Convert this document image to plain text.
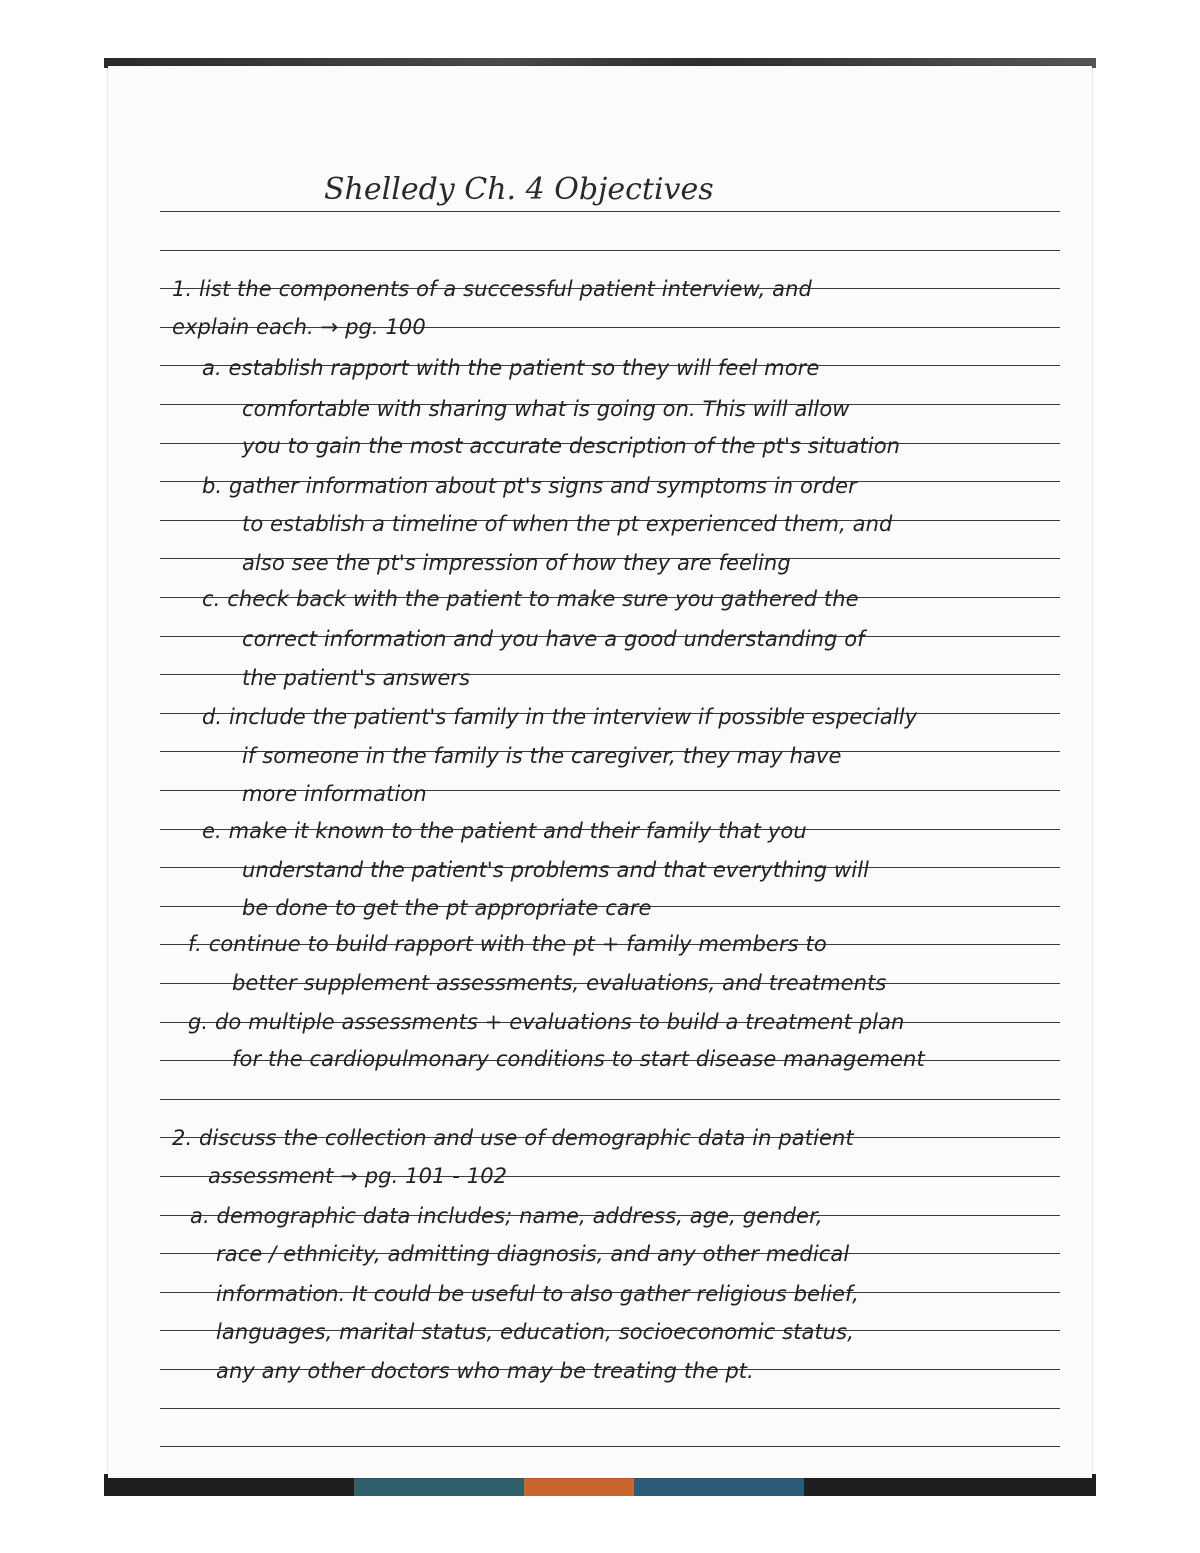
Shelledy Ch. 4 Objectives
1. list the components of a successful patient interview, and
explain each. → pg. 100
a. establish rapport with the patient so they will feel more
comfortable with sharing what is going on. This will allow
you to gain the most accurate description of the pt's situation
b. gather information about pt's signs and symptoms in order
to establish a timeline of when the pt experienced them, and
also see the pt's impression of how they are feeling
c. check back with the patient to make sure you gathered the
correct information and you have a good understanding of
the patient's answers
d. include the patient's family in the interview if possible especially
if someone in the family is the caregiver, they may have
more information
e. make it known to the patient and their family that you
understand the patient's problems and that everything will
be done to get the pt appropriate care
f. continue to build rapport with the pt + family members to
better supplement assessments, evaluations, and treatments
g. do multiple assessments + evaluations to build a treatment plan
for the cardiopulmonary conditions to start disease management
2. discuss the collection and use of demographic data in patient
assessment → pg. 101 - 102
a. demographic data includes; name, address, age, gender,
race / ethnicity, admitting diagnosis, and any other medical
information. It could be useful to also gather religious belief,
languages, marital status, education, socioeconomic status,
any any other doctors who may be treating the pt.
